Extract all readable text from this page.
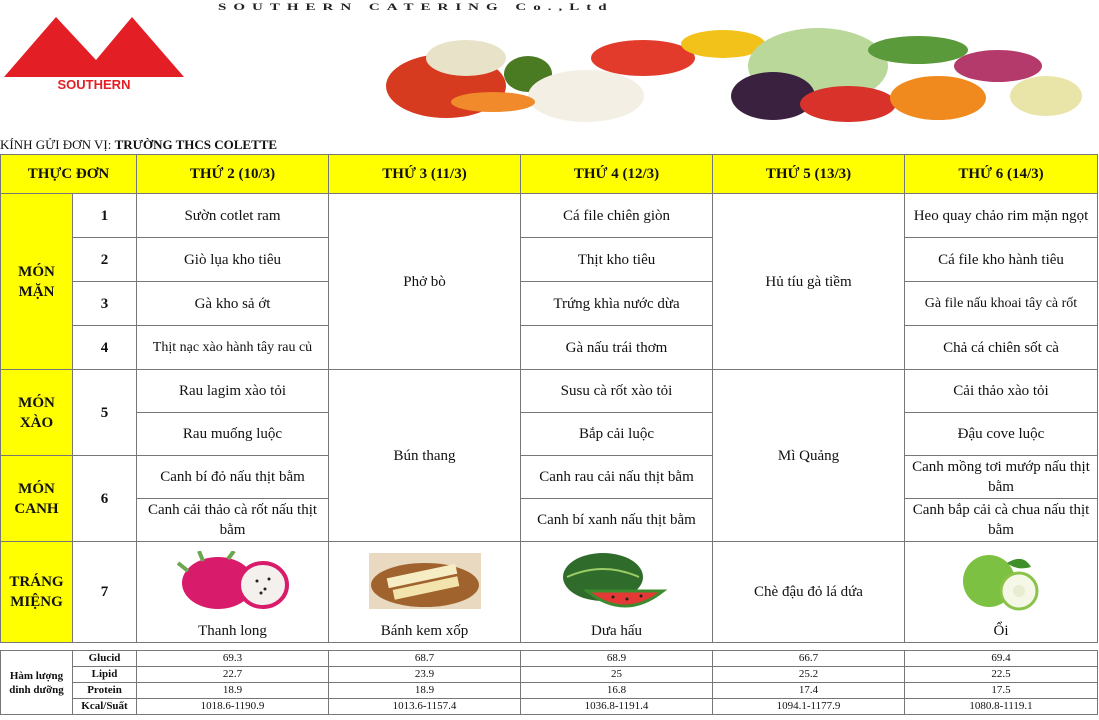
SOUTHERN CATERING Co.,Ltd
SOUTHERN
KÍNH GỬI ĐƠN VỊ: TRƯỜNG THCS COLETTE
THỰC ĐƠN		THỨ 2 (10/3)	THỨ 3 (11/3)	THỨ 4 (12/3)	THỨ 5 (13/3)	THỨ 6 (14/3)
MÓN MẶN	1	Sườn cotlet ram	Phở bò	Cá file chiên giòn	Hủ tíu gà tiềm	Heo quay chảo rim mặn ngọt
	2	Giò lụa kho tiêu		Thịt kho tiêu		Cá file kho hành tiêu
	3	Gà kho sả ớt		Trứng khìa nước dừa		Gà file nấu khoai tây cà rốt
	4	Thịt nạc xào hành tây rau củ		Gà nấu trái thơm		Chả cá chiên sốt cà
MÓN XÀO	5	Rau lagim xào tỏi	Bún thang	Susu cà rốt xào tỏi	Mì Quảng	Cải thảo xào tỏi
		Rau muống luộc		Bắp cải luộc		Đậu cove luộc
MÓN CANH	6	Canh bí đỏ nấu thịt bằm		Canh rau cải nấu thịt bằm		Canh mồng tơi mướp nấu thịt bằm
		Canh cải thảo cà rốt nấu thịt bằm		Canh bí xanh nấu thịt bằm		Canh bắp cải cà chua nấu thịt bằm
TRÁNG MIỆNG	7	Thanh long	Bánh kem xốp	Dưa hấu	Chè đậu đỏ lá dứa	Ổi
Hàm lượng dinh dưỡng	Glucid	69.3	68.7	68.9	66.7	69.4
	Lipid	22.7	23.9	25	25.2	22.5
	Protein	18.9	18.9	16.8	17.4	17.5
	Kcal/Suất	1018.6-1190.9	1013.6-1157.4	1036.8-1191.4	1094.1-1177.9	1080.8-1119.1
